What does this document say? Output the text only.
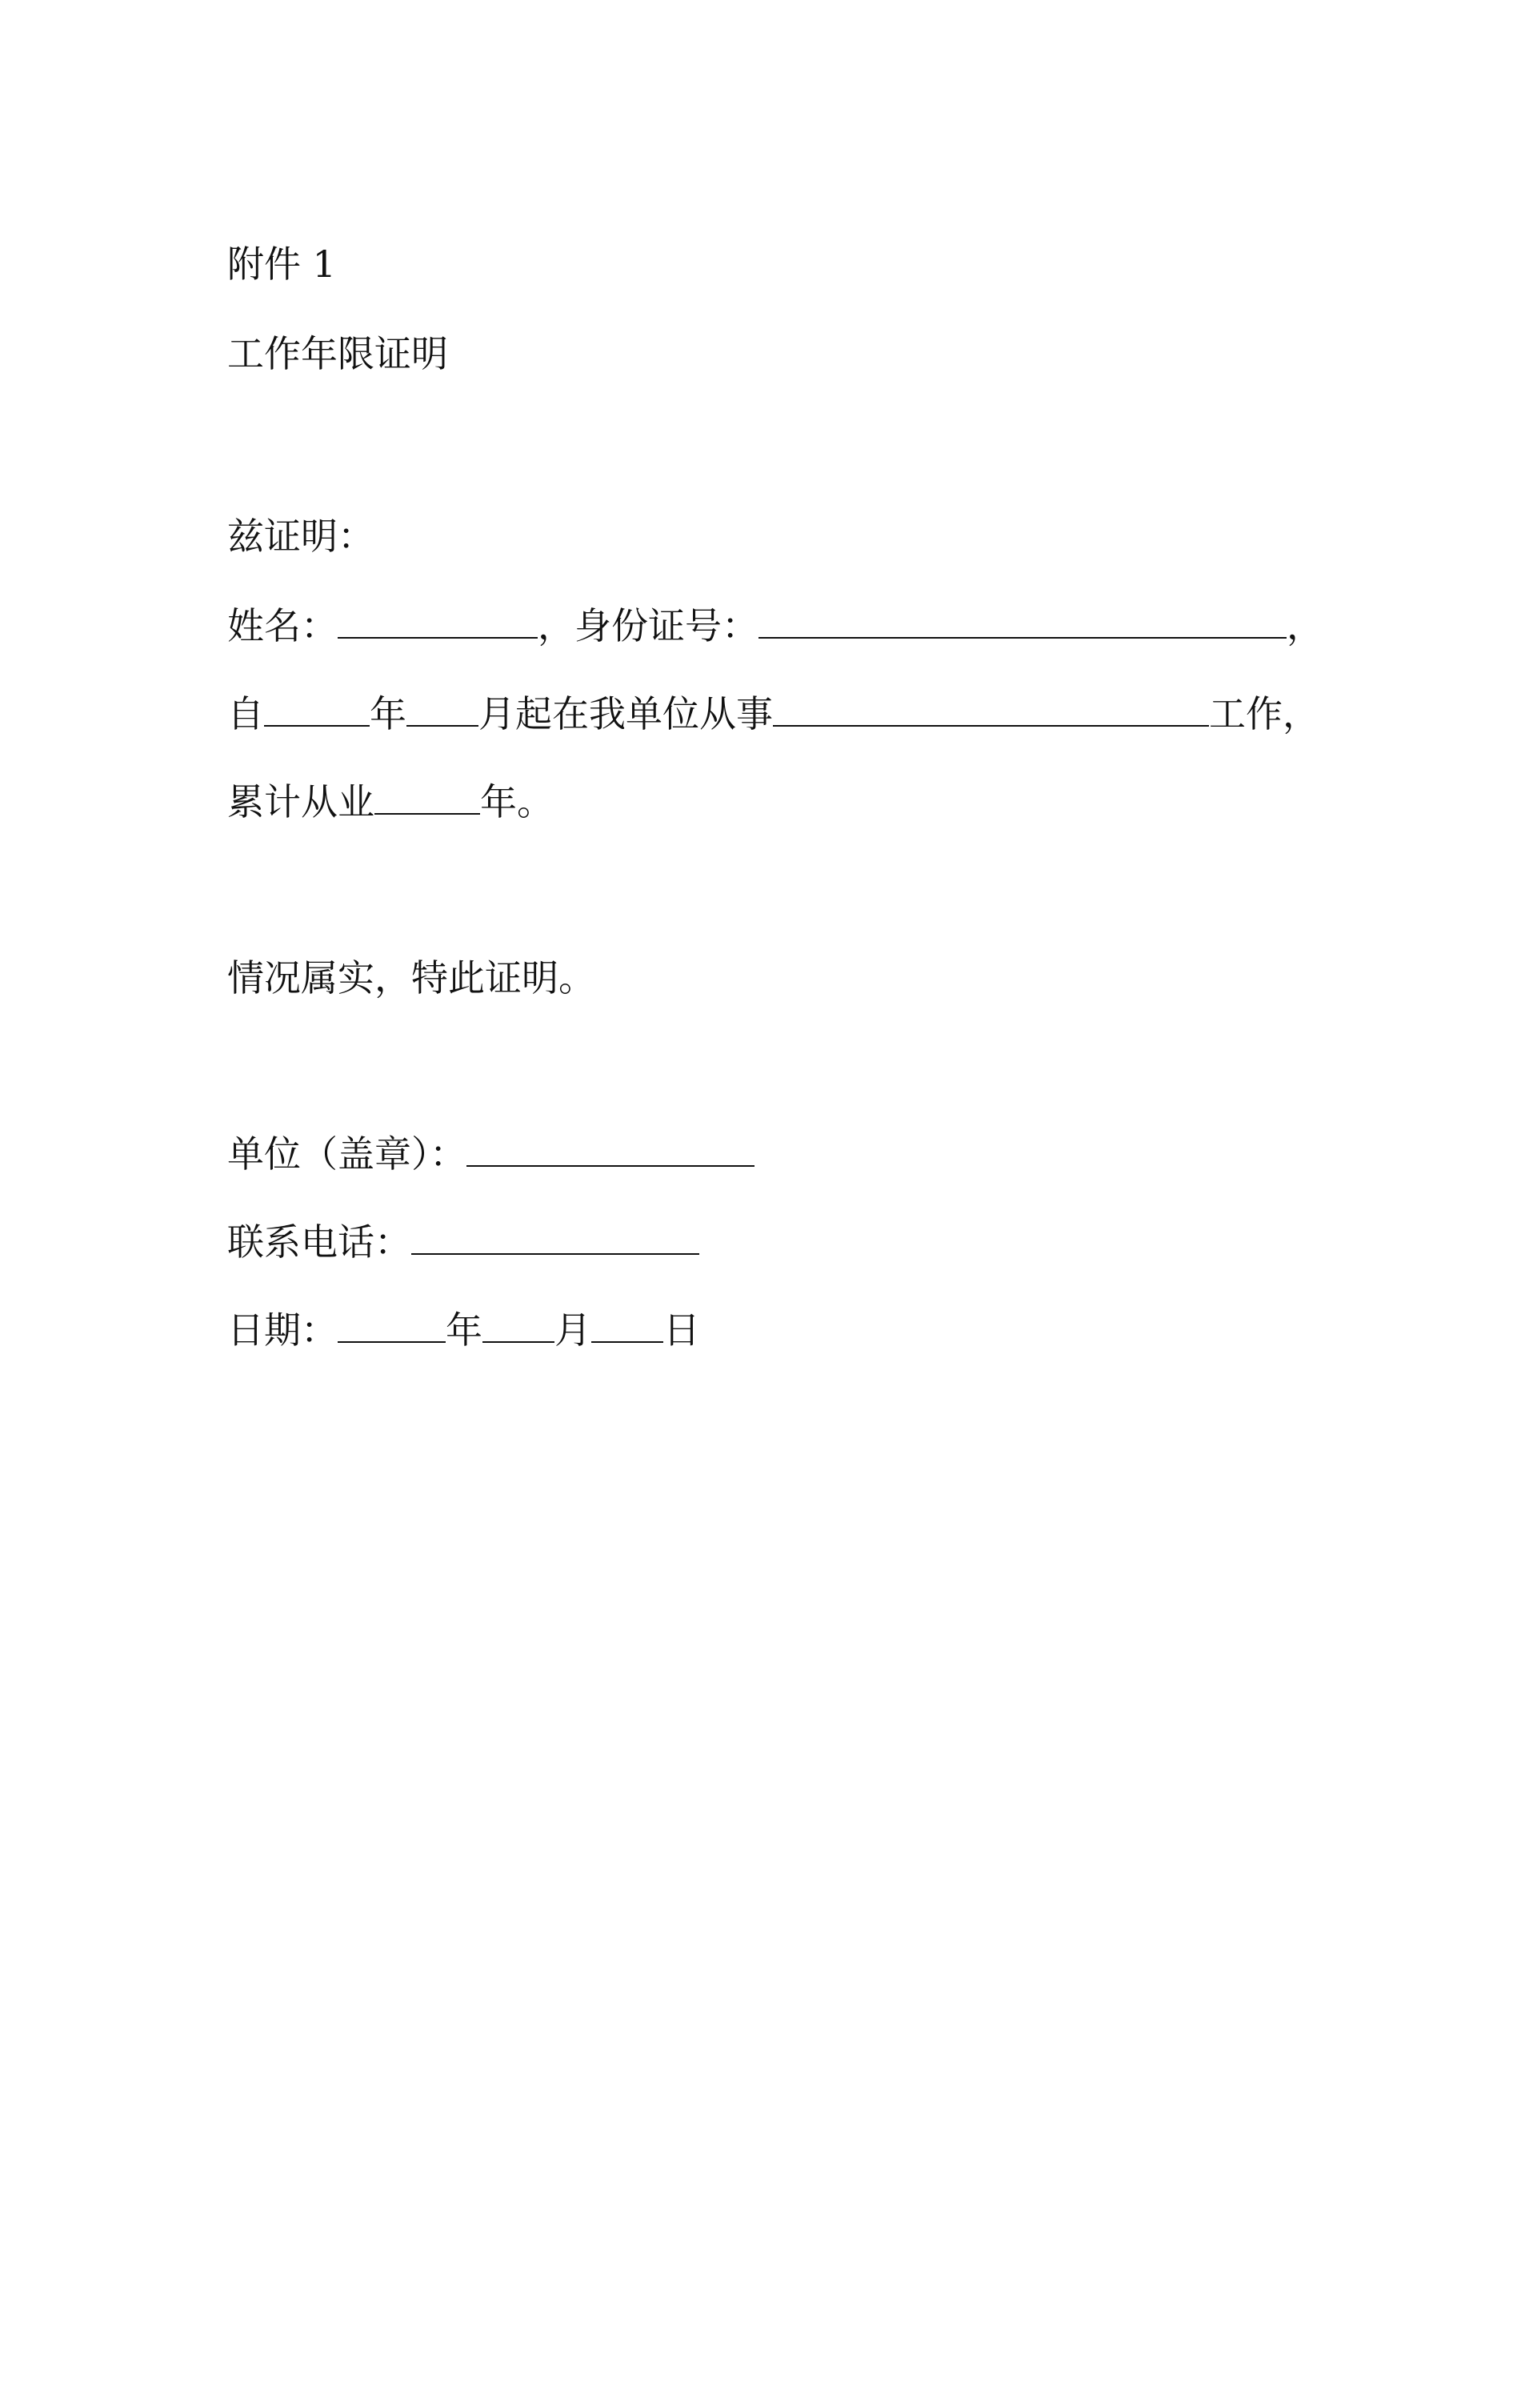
附件 1
工作年限证明
兹证明：
姓名：	，身份证号：	，
自	年 月起在我单位从事	工作，
累计从业	年。
情况属实，特此证明。
单位（盖章）：
联系电话：
日期：	年 月 日
